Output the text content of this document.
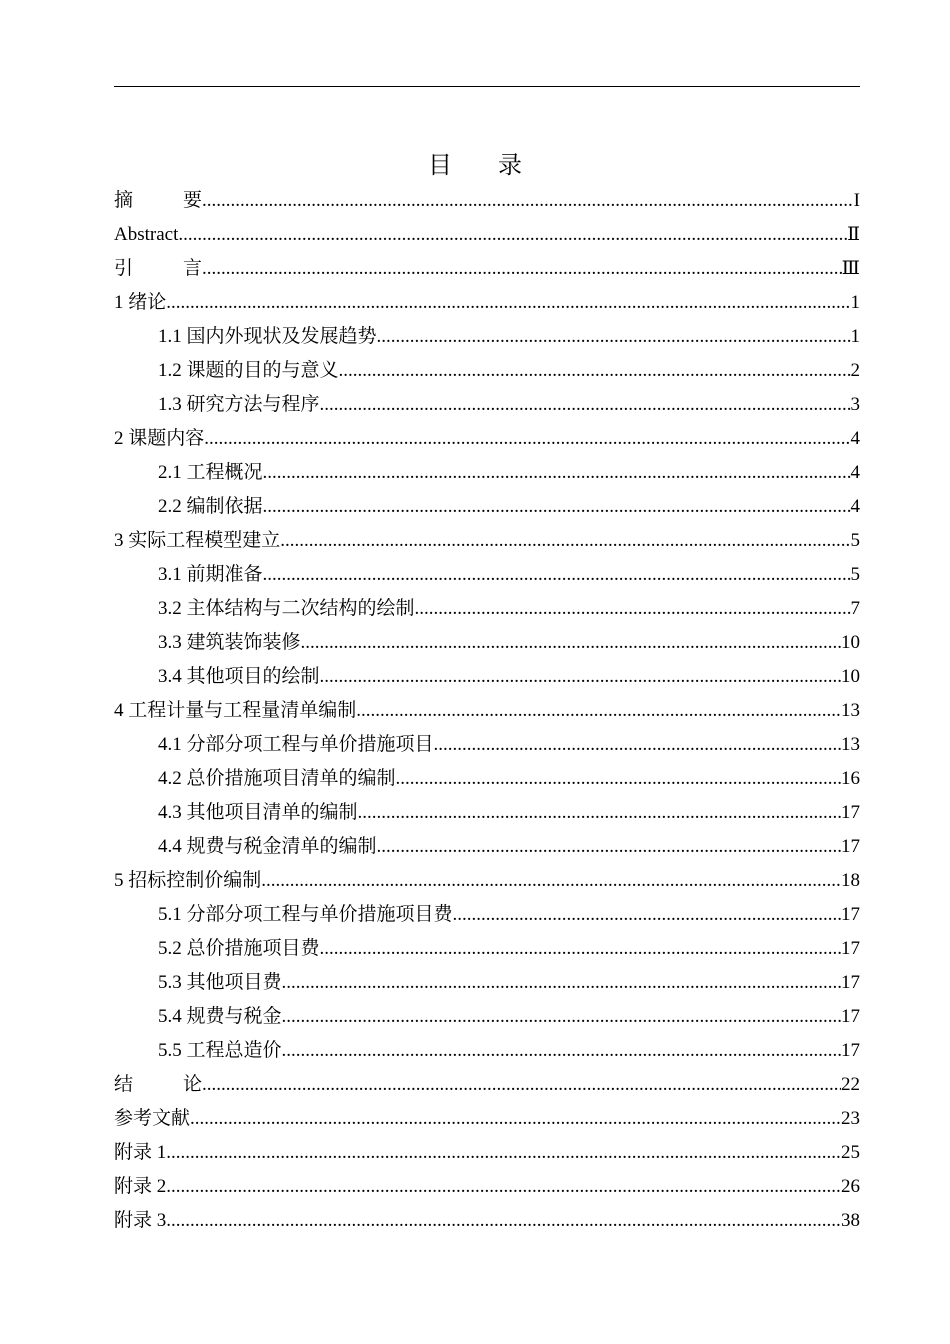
目 录
摘	要 .....	I
Abstract .....	Ⅱ
引	言 .....	Ⅲ
1 绪论 .....	1
1.1 国内外现状及发展趋势 .....	1
1.2 课题的目的与意义 .....	2
1.3 研究方法与程序 .....	3
2 课题内容 .....	4
2.1 工程概况 .....	4
2.2 编制依据 .....	4
3 实际工程模型建立 .....	5
3.1 前期准备 .....	5
3.2 主体结构与二次结构的绘制 .....	7
3.3 建筑装饰装修 .....	10
3.4 其他项目的绘制 .....	10
4 工程计量与工程量清单编制 .....	13
4.1 分部分项工程与单价措施项目 .....	13
4.2 总价措施项目清单的编制 .....	16
4.3 其他项目清单的编制 .....	17
4.4 规费与税金清单的编制 .....	17
5 招标控制价编制 .....	18
5.1 分部分项工程与单价措施项目费 .....	17
5.2 总价措施项目费 .....	17
5.3 其他项目费 .....	17
5.4 规费与税金 .....	17
5.5 工程总造价 .....	17
结	论 .....	22
参考文献 .....	23
附录 1 .....	25
附录 2 .....	26
附录 3 .....	38
